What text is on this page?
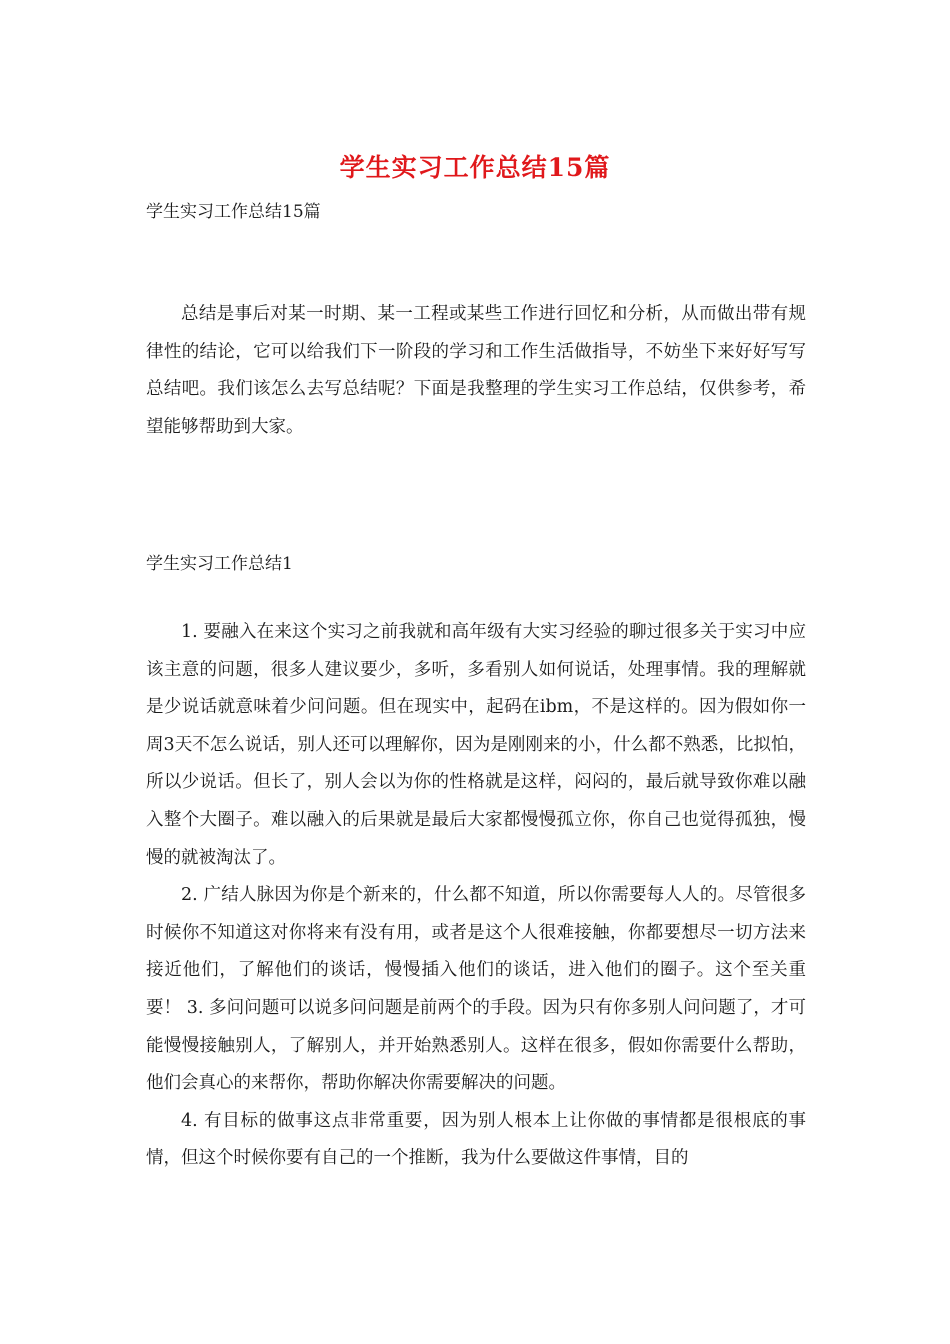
学生实习工作总结15篇
学生实习工作总结15篇

总结是事后对某一时期、某一工程或某些工作进行回忆和分析，从而做出带有规律性的结论，它可以给我们下一阶段的学习和工作生活做指导，不妨坐下来好好写写总结吧。我们该怎么去写总结呢？下面是我整理的学生实习工作总结，仅供参考，希望能够帮助到大家。

学生实习工作总结1

1. 要融入在来这个实习之前我就和高年级有大实习经验的聊过很多关于实习中应该主意的问题，很多人建议要少，多听，多看别人如何说话，处理事情。我的理解就是少说话就意味着少问问题。但在现实中，起码在ibm，不是这样的。因为假如你一周3天不怎么说话，别人还可以理解你，因为是刚刚来的小，什么都不熟悉，比拟怕，所以少说话。但长了，别人会以为你的性格就是这样，闷闷的，最后就导致你难以融入整个大圈子。难以融入的后果就是最后大家都慢慢孤立你，你自己也觉得孤独，慢慢的就被淘汰了。

2. 广结人脉因为你是个新来的，什么都不知道，所以你需要每人人的。尽管很多时候你不知道这对你将来有没有用，或者是这个人很难接触，你都要想尽一切方法来接近他们，了解他们的谈话，慢慢插入他们的谈话，进入他们的圈子。这个至关重要！ 3. 多问问题可以说多问问题是前两个的手段。因为只有你多别人问问题了，才可能慢慢接触别人，了解别人，并开始熟悉别人。这样在很多，假如你需要什么帮助，他们会真心的来帮你，帮助你解决你需要解决的问题。

4. 有目标的做事这点非常重要，因为别人根本上让你做的事情都是很根底的事情，但这个时候你要有自己的一个推断，我为什么要做这件事情，目的
